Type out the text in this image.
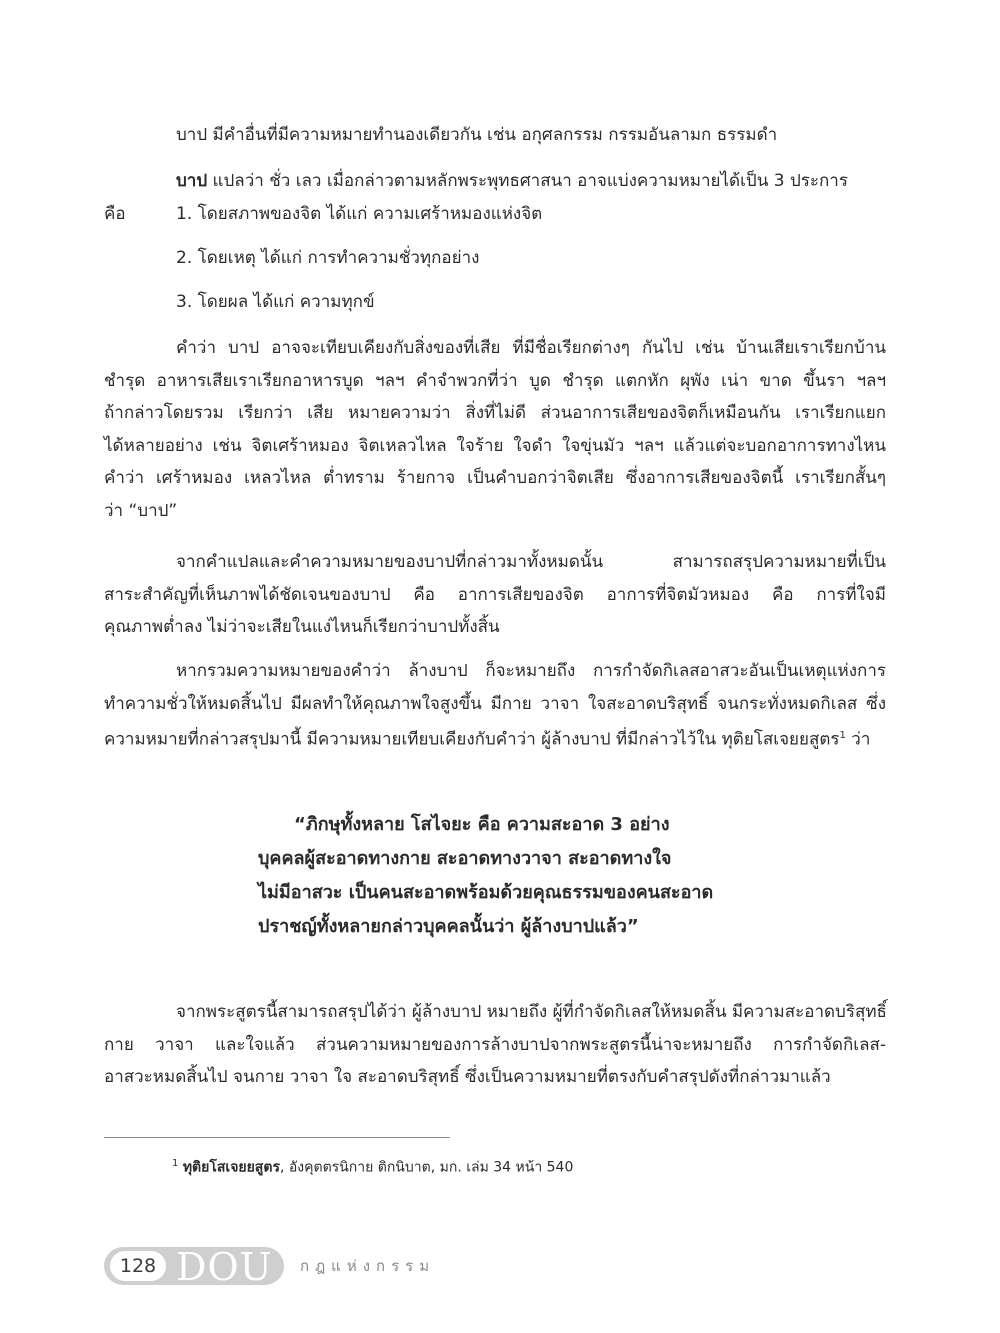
บาป มีคำอื่นที่มีความหมายทำนองเดียวกัน เช่น อกุศลกรรม กรรมอันลามก ธรรมดำ
บาป แปลว่า ชั่ว เลว เมื่อกล่าวตามหลักพระพุทธศาสนา อาจแบ่งความหมายได้เป็น 3 ประการ
คือ	1. โดยสภาพของจิต ได้แก่ ความเศร้าหมองแห่งจิต
2. โดยเหตุ ได้แก่ การทำความชั่วทุกอย่าง
3. โดยผล ได้แก่ ความทุกข์
คำว่า บาป อาจจะเทียบเคียงกับสิ่งของที่เสีย ที่มีชื่อเรียกต่างๆ กันไป เช่น บ้านเสียเราเรียกบ้าน
ชำรุด อาหารเสียเราเรียกอาหารบูด ฯลฯ คำจำพวกที่ว่า บูด ชำรุด แตกหัก ผุพัง เน่า ขาด ขึ้นรา ฯลฯ
ถ้ากล่าวโดยรวม เรียกว่า เสีย หมายความว่า สิ่งที่ไม่ดี ส่วนอาการเสียของจิตก็เหมือนกัน เราเรียกแยก
ได้หลายอย่าง เช่น จิตเศร้าหมอง จิตเหลวไหล ใจร้าย ใจดำ ใจขุ่นมัว ฯลฯ แล้วแต่จะบอกอาการทางไหน
คำว่า เศร้าหมอง เหลวไหล ต่ำทราม ร้ายกาจ เป็นคำบอกว่าจิตเสีย ซึ่งอาการเสียของจิตนี้ เราเรียกสั้นๆ
ว่า “บาป”
จากคำแปลและคำความหมายของบาปที่กล่าวมาทั้งหมดนั้น สามารถสรุปความหมายที่เป็น
สาระสำคัญที่เห็นภาพได้ชัดเจนของบาป คือ อาการเสียของจิต อาการที่จิตมัวหมอง คือ การที่ใจมี
คุณภาพต่ำลง ไม่ว่าจะเสียในแง่ไหนก็เรียกว่าบาปทั้งสิ้น
หากรวมความหมายของคำว่า ล้างบาป ก็จะหมายถึง การกำจัดกิเลสอาสวะอันเป็นเหตุแห่งการ
ทำความชั่วให้หมดสิ้นไป มีผลทำให้คุณภาพใจสูงขึ้น มีกาย วาจา ใจสะอาดบริสุทธิ์ จนกระทั่งหมดกิเลส ซึ่ง
ความหมายที่กล่าวสรุปมานี้ มีความหมายเทียบเคียงกับคำว่า ผู้ล้างบาป ที่มีกล่าวไว้ใน ทุติยโสเจยยสูตร$^1$ ว่า
“ภิกษุทั้งหลาย โสไจยะ คือ ความสะอาด 3 อย่าง
บุคคลผู้สะอาดทางกาย สะอาดทางวาจา สะอาดทางใจ
ไม่มีอาสวะ เป็นคนสะอาดพร้อมด้วยคุณธรรมของคนสะอาด
ปราชญ์ทั้งหลายกล่าวบุคคลนั้นว่า ผู้ล้างบาปแล้ว”
จากพระสูตรนี้สามารถสรุปได้ว่า ผู้ล้างบาป หมายถึง ผู้ที่กำจัดกิเลสให้หมดสิ้น มีความสะอาดบริสุทธิ์
กาย วาจา และใจแล้ว ส่วนความหมายของการล้างบาปจากพระสูตรนี้น่าจะหมายถึง การกำจัดกิเลส-
อาสวะหมดสิ้นไป จนกาย วาจา ใจ สะอาดบริสุทธิ์ ซึ่งเป็นความหมายที่ตรงกับคำสรุปดังที่กล่าวมาแล้ว
$^1$ ทุติยโสเจยยสูตร, อังคุตตรนิกาย ติกนิบาต, มก. เล่ม 34 หน้า 540
128 DOU กฎแห่งกรรม
